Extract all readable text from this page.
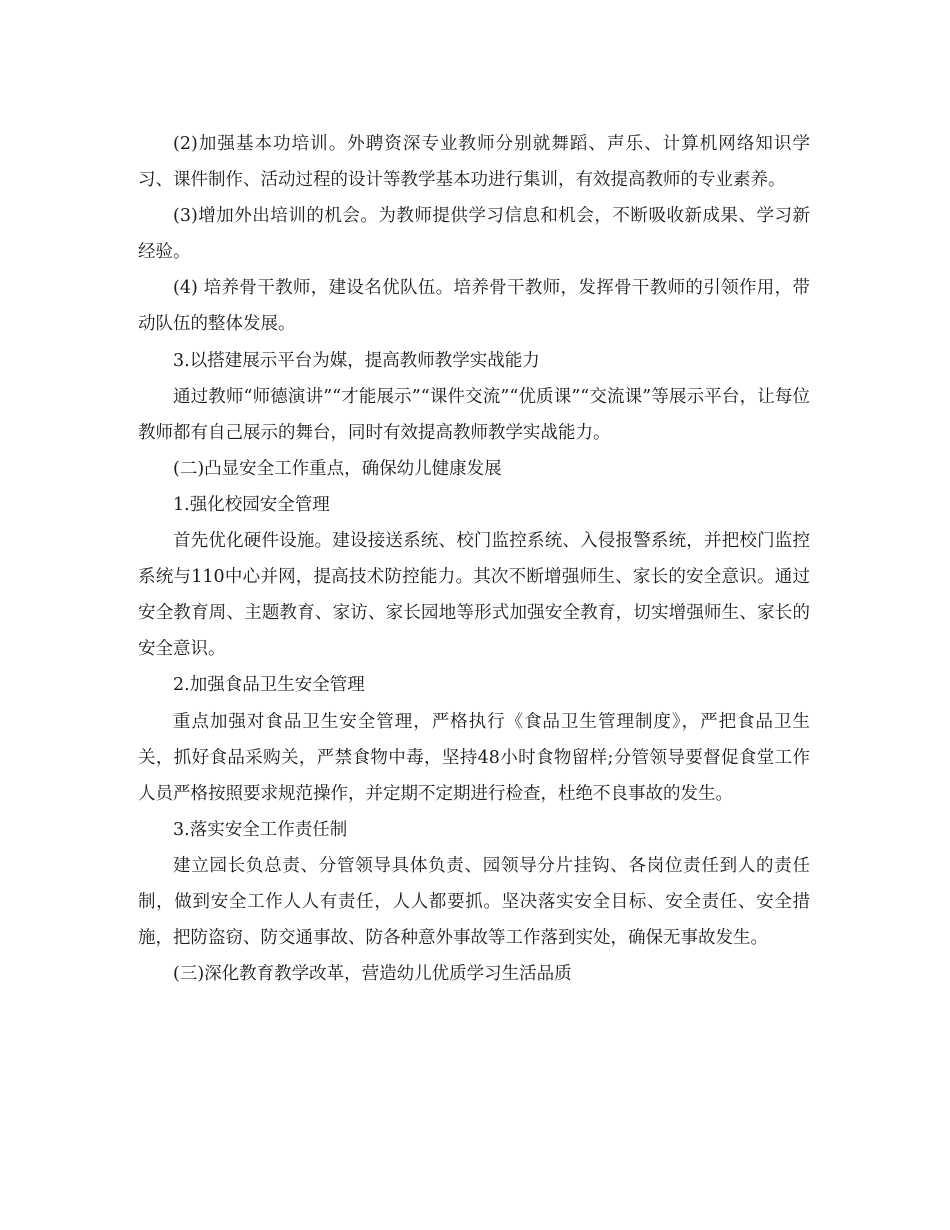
(2)加强基本功培训。外聘资深专业教师分别就舞蹈、声乐、计算机网络知识学习、课件制作、活动过程的设计等教学基本功进行集训，有效提高教师的专业素养。

(3)增加外出培训的机会。为教师提供学习信息和机会，不断吸收新成果、学习新经验。

(4) 培养骨干教师，建设名优队伍。培养骨干教师，发挥骨干教师的引领作用，带动队伍的整体发展。

3.以搭建展示平台为媒，提高教师教学实战能力

通过教师“师德演讲”“才能展示”“课件交流”“优质课”“交流课”等展示平台，让每位教师都有自己展示的舞台，同时有效提高教师教学实战能力。

(二)凸显安全工作重点，确保幼儿健康发展

1.强化校园安全管理

首先优化硬件设施。建设接送系统、校门监控系统、入侵报警系统，并把校门监控系统与110中心并网，提高技术防控能力。其次不断增强师生、家长的安全意识。通过安全教育周、主题教育、家访、家长园地等形式加强安全教育，切实增强师生、家长的安全意识。

2.加强食品卫生安全管理

重点加强对食品卫生安全管理，严格执行《食品卫生管理制度》，严把食品卫生关，抓好食品采购关，严禁食物中毒，坚持48小时食物留样;分管领导要督促食堂工作人员严格按照要求规范操作，并定期不定期进行检查，杜绝不良事故的发生。

3.落实安全工作责任制

建立园长负总责、分管领导具体负责、园领导分片挂钩、各岗位责任到人的责任制，做到安全工作人人有责任，人人都要抓。坚决落实安全目标、安全责任、安全措施，把防盗窃、防交通事故、防各种意外事故等工作落到实处，确保无事故发生。

(三)深化教育教学改革，营造幼儿优质学习生活品质
